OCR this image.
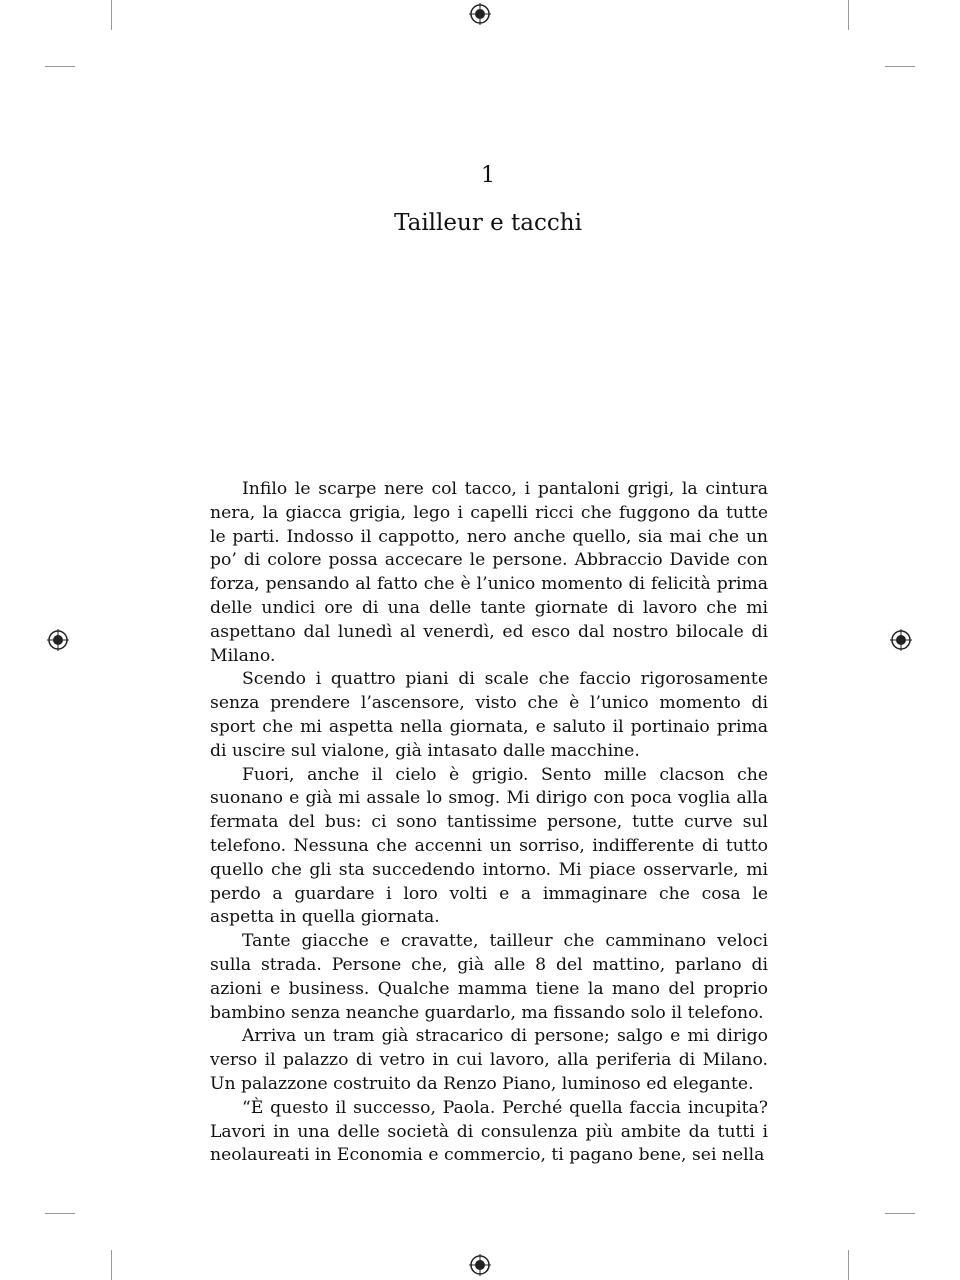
1
Tailleur e tacchi

Infilo le scarpe nere col tacco, i pantaloni grigi, la cintura nera, la giacca grigia, lego i capelli ricci che fuggono da tutte le parti. Indosso il cappotto, nero anche quello, sia mai che un po’ di colore possa accecare le persone. Abbraccio Davide con forza, pensando al fatto che è l’unico momento di felicità prima delle undici ore di una delle tante giornate di lavoro che mi aspettano dal lunedì al venerdì, ed esco dal nostro bilocale di Milano.

Scendo i quattro piani di scale che faccio rigorosamente senza prendere l’ascensore, visto che è l’unico momento di sport che mi aspetta nella giornata, e saluto il portinaio prima di uscire sul vialone, già intasato dalle macchine.

Fuori, anche il cielo è grigio. Sento mille clacson che suonano e già mi assale lo smog. Mi dirigo con poca voglia alla fermata del bus: ci sono tantissime persone, tutte curve sul telefono. Nessuna che accenni un sorriso, indifferente di tutto quello che gli sta succedendo intorno. Mi piace osservarle, mi perdo a guardare i loro volti e a immaginare che cosa le aspetta in quella giornata.

Tante giacche e cravatte, tailleur che camminano veloci sulla strada. Persone che, già alle 8 del mattino, parlano di azioni e business. Qualche mamma tiene la mano del proprio bambino senza neanche guardarlo, ma fissando solo il telefono.

Arriva un tram già stracarico di persone; salgo e mi dirigo verso il palazzo di vetro in cui lavoro, alla periferia di Milano. Un palazzone costruito da Renzo Piano, luminoso ed elegante.

“È questo il successo, Paola. Perché quella faccia incupita? Lavori in una delle società di consulenza più ambite da tutti i neolaureati in Economia e commercio, ti pagano bene, sei nella
